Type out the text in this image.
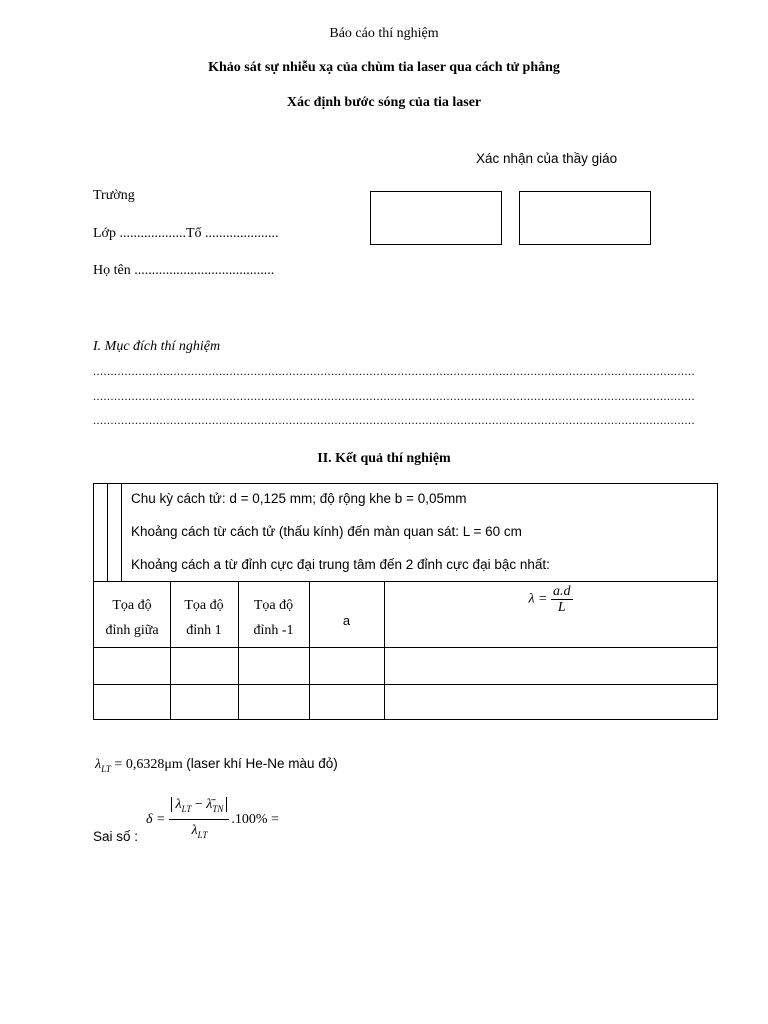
Báo cáo thí nghiệm
Khảo sát sự nhiễu xạ của chùm tia laser qua cách tử phẳng
Xác định bước sóng của tia laser
Xác nhận của thầy giáo
Trường
Lớp ...................Tổ .....................
Họ tên ........................................
I. Mục đích thí nghiệm
............................................................................................................................................................................
............................................................................................................................................................................
............................................................................................................................................................................
II. Kết quả thí nghiệm
Chu kỳ cách tử: d = 0,125 mm; độ rộng khe b = 0,05mm
Khoảng cách từ cách tử (thấu kính) đến màn quan sát: L = 60 cm
Khoảng cách a từ đỉnh cực đại trung tâm đến 2 đỉnh cực đại bậc nhất:
Tọa độ
đỉnh giữa
Tọa độ
đỉnh 1
Tọa độ
đỉnh -1
a
$\lambda = \frac{a.d}{L}$
$\lambda_{LT} = 0,6328\mu m$ (laser khí He-Ne màu đỏ)
Sai số :
$\delta = \frac{\lambda_{LT} - \lambdā_{TN}}{\lambda_{LT}} .100\%$ =
